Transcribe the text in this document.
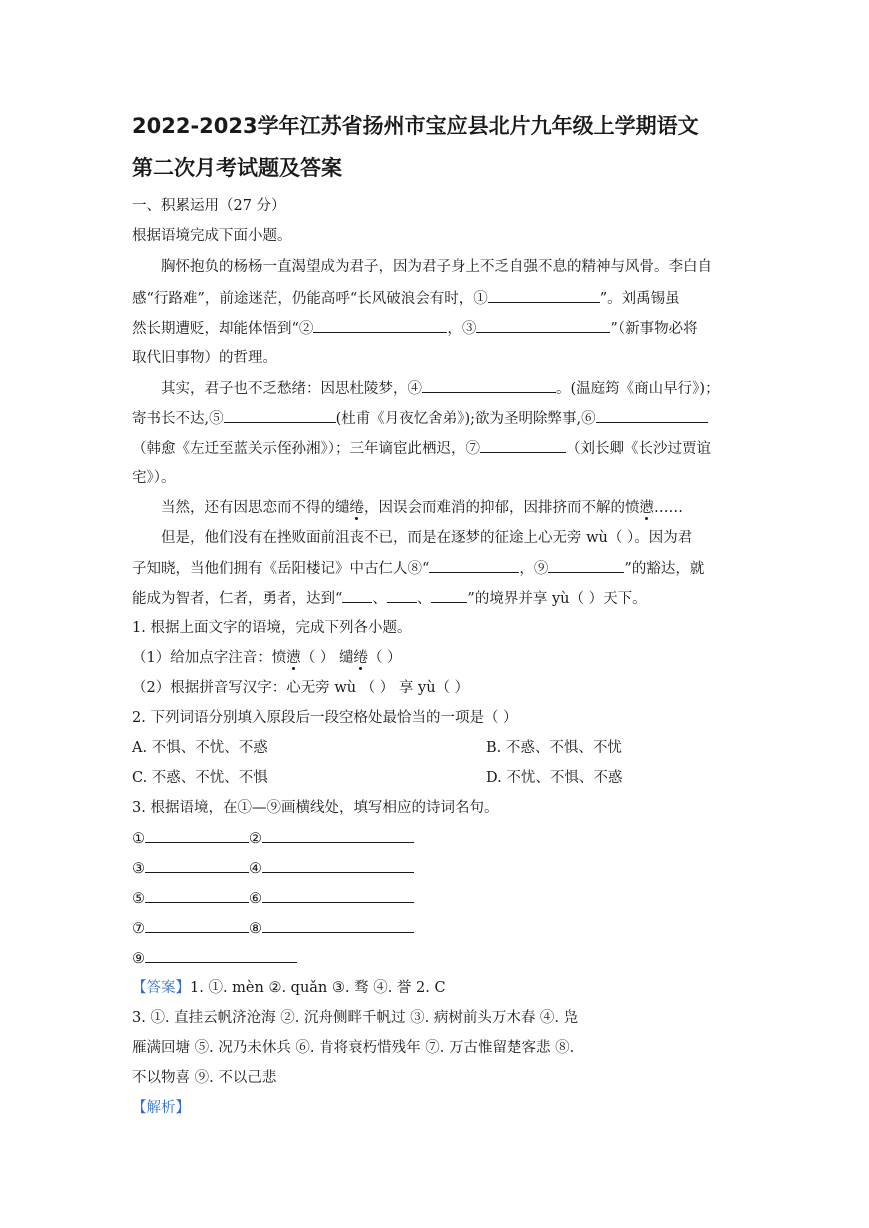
2022-2023学年江苏省扬州市宝应县北片九年级上学期语文
第二次月考试题及答案
一、积累运用（27 分）
根据语境完成下面小题。
胸怀抱负的杨杨一直渴望成为君子，因为君子身上不乏自强不息的精神与风骨。李白自
感“行路难”，前途迷茫，仍能高呼“长风破浪会有时，①	”。刘禹锡虽
然长期遭贬，却能体悟到“②	，③	”（新事物必将
取代旧事物）的哲理。
其实，君子也不乏愁绪：因思杜陵梦，④	。(温庭筠《商山早行》)；
寄书长不达,⑤	(杜甫《月夜忆舍弟》);欲为圣明除弊事,⑥
（韩愈《左迁至蓝关示侄孙湘》）；三年谪宦此栖迟，⑦	（刘长卿《长沙过贾谊
宅》）。
当然，还有因思恋而不得的缱绻，因误会而难消的抑郁，因排挤而不解的愤懑……
但是，他们没有在挫败面前沮丧不已，而是在逐梦的征途上心无旁 wù（ ）。因为君
子知晓，当他们拥有《岳阳楼记》中古仁人⑧“	，⑨	”的豁达，就
能成为智者，仁者，勇者，达到“ 、 、 ”的境界并享 yù（ ）天下。
1. 根据上面文字的语境，完成下列各小题。
（1）给加点字注音：愤懑（ ） 缱绻（ ）
（2）根据拼音写汉字：心无旁 wù （ ） 享 yù（ ）
2. 下列词语分别填入原段后一段空格处最恰当的一项是（ ）
A. 不惧、不忧、不惑	B. 不惑、不惧、不忧
C. 不惑、不忧、不惧	D. 不忧、不惧、不惑
3. 根据语境，在①—⑨画横线处，填写相应的诗词名句。
①	②
③	④
⑤	⑥
⑦	⑧
⑨
【答案】1. ①. mèn ②. quǎn ③. 骛 ④. 誉 2. C
3. ①. 直挂云帆济沧海 ②. 沉舟侧畔千帆过 ③. 病树前头万木春 ④. 凫
雁满回塘 ⑤. 况乃未休兵 ⑥. 肯将衰朽惜残年 ⑦. 万古惟留楚客悲 ⑧.
不以物喜 ⑨. 不以己悲
【解析】
